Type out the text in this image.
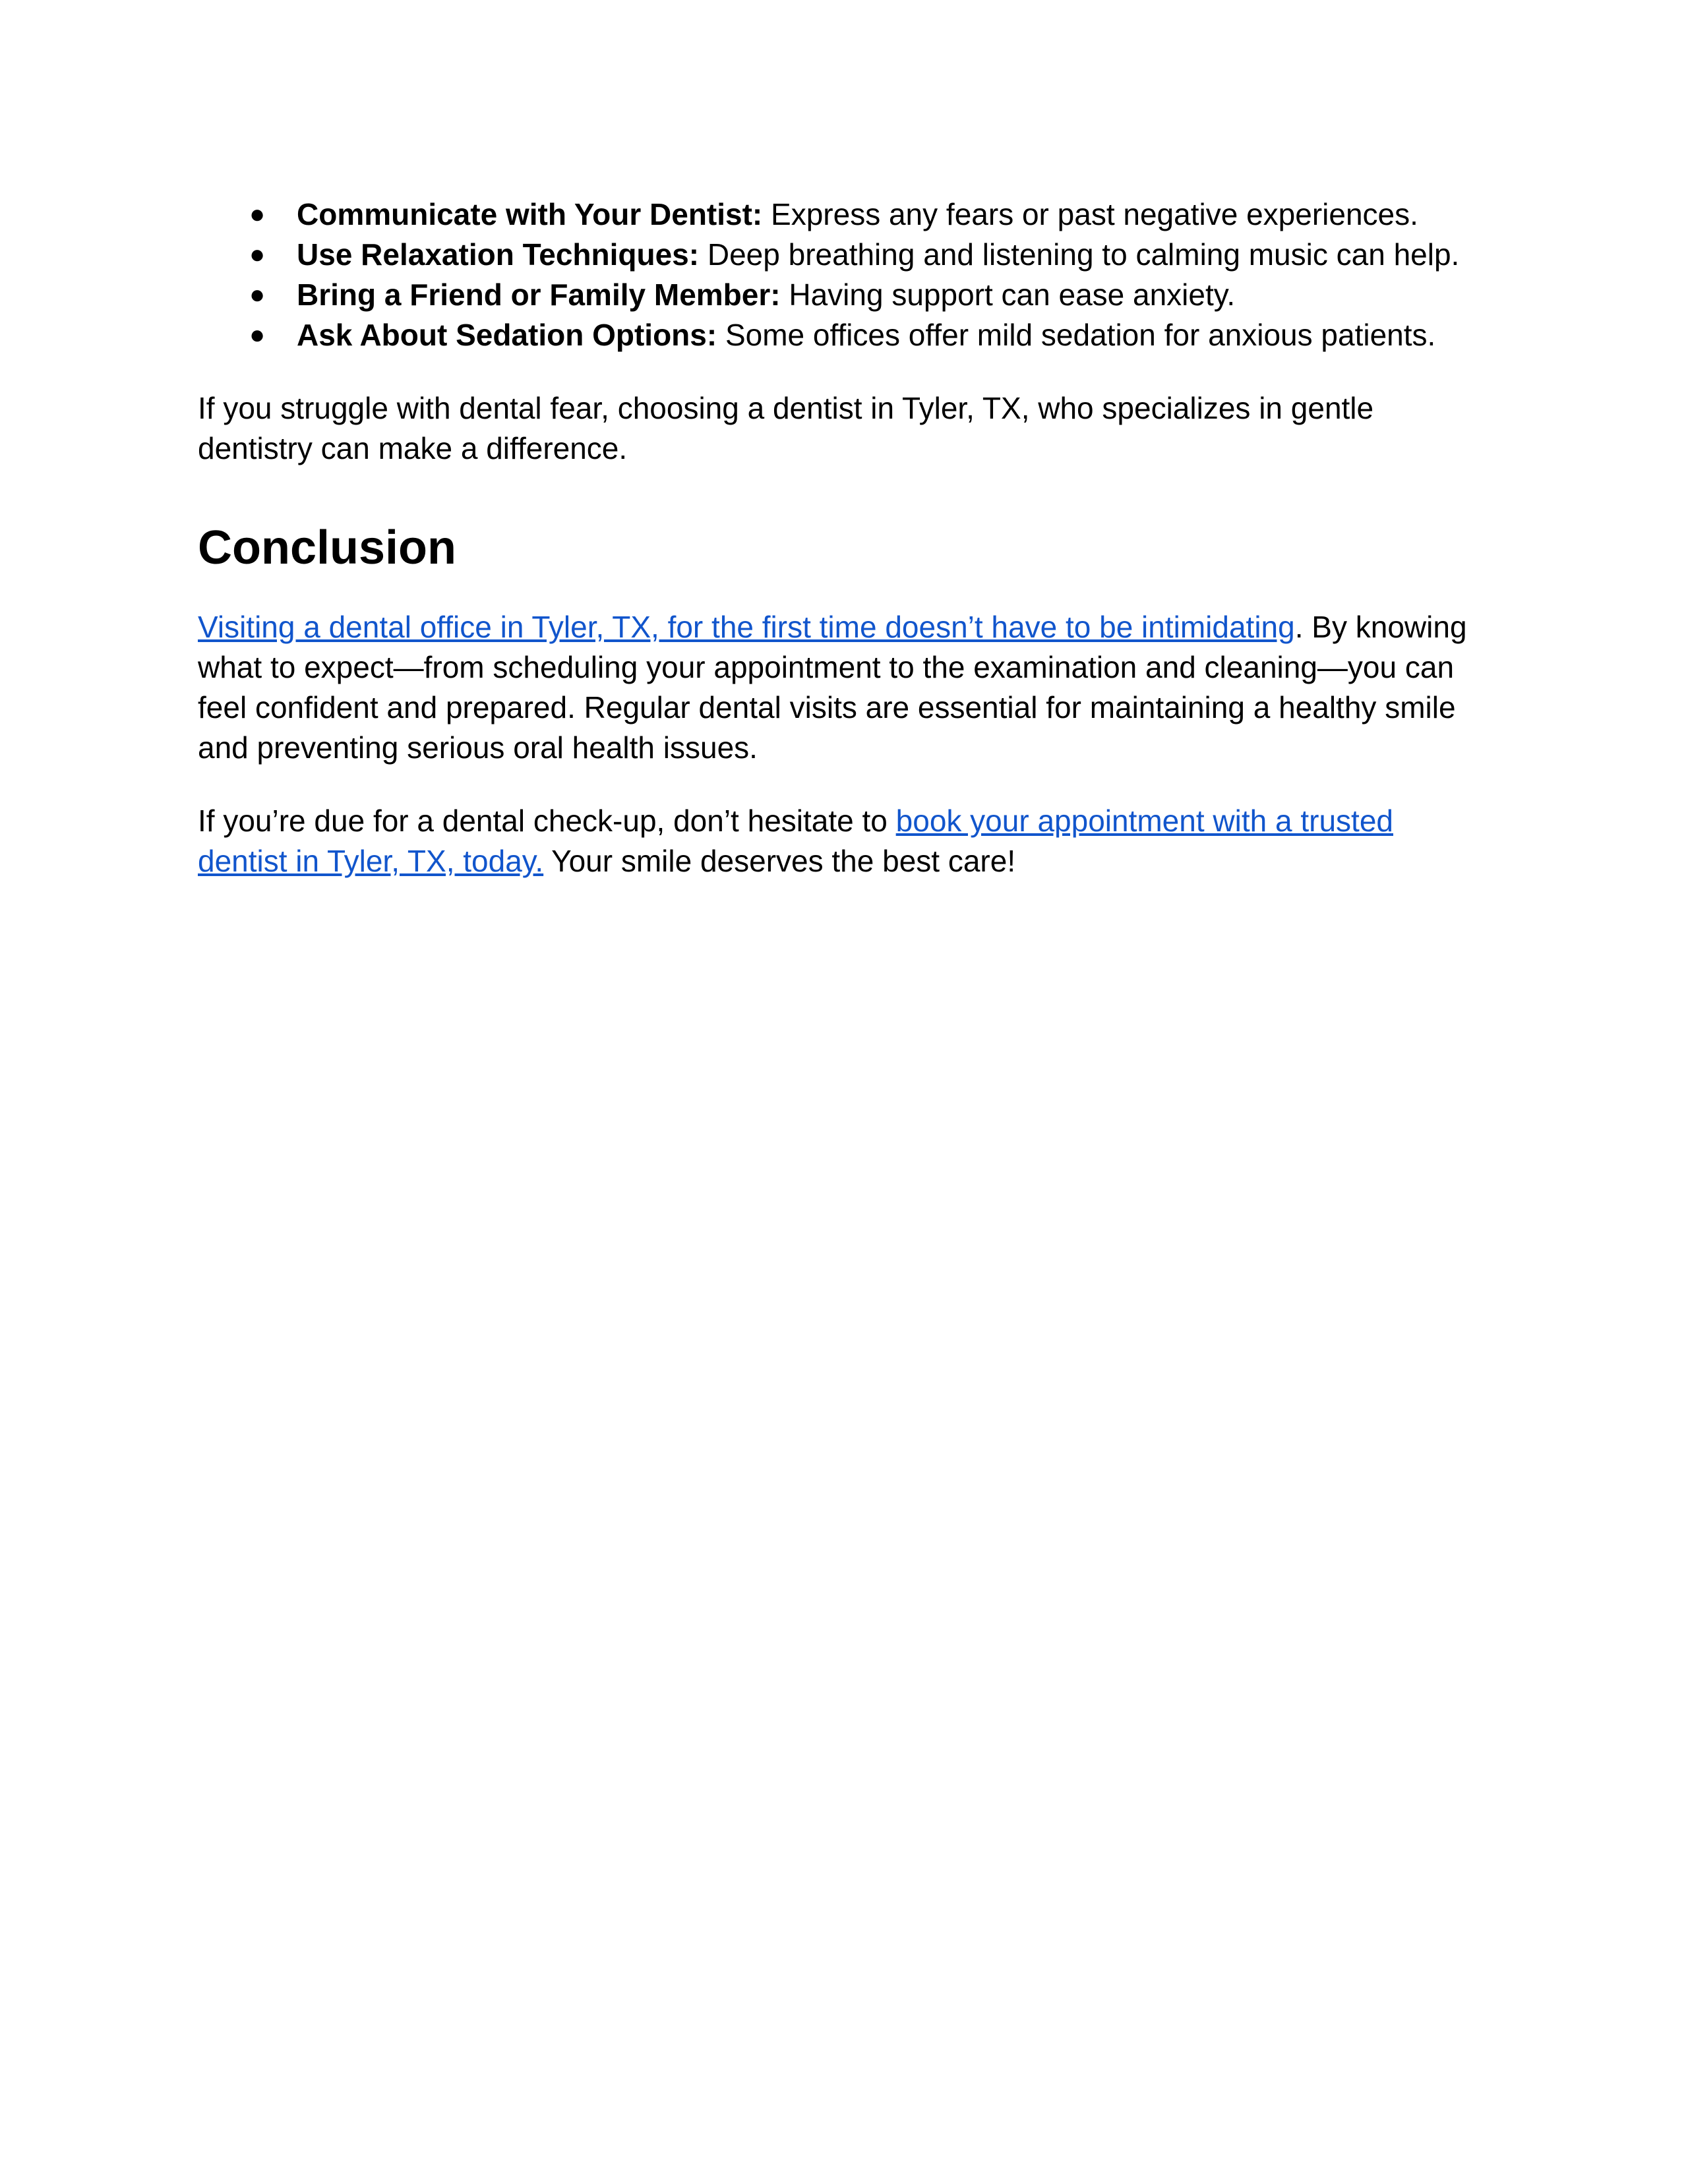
● Communicate with Your Dentist: Express any fears or past negative experiences.
● Use Relaxation Techniques: Deep breathing and listening to calming music can help.
● Bring a Friend or Family Member: Having support can ease anxiety.
● Ask About Sedation Options: Some offices offer mild sedation for anxious patients.

If you struggle with dental fear, choosing a dentist in Tyler, TX, who specializes in gentle dentistry can make a difference.

Conclusion

Visiting a dental office in Tyler, TX, for the first time doesn’t have to be intimidating. By knowing what to expect—from scheduling your appointment to the examination and cleaning—you can feel confident and prepared. Regular dental visits are essential for maintaining a healthy smile and preventing serious oral health issues.

If you’re due for a dental check-up, don’t hesitate to book your appointment with a trusted dentist in Tyler, TX, today. Your smile deserves the best care!
